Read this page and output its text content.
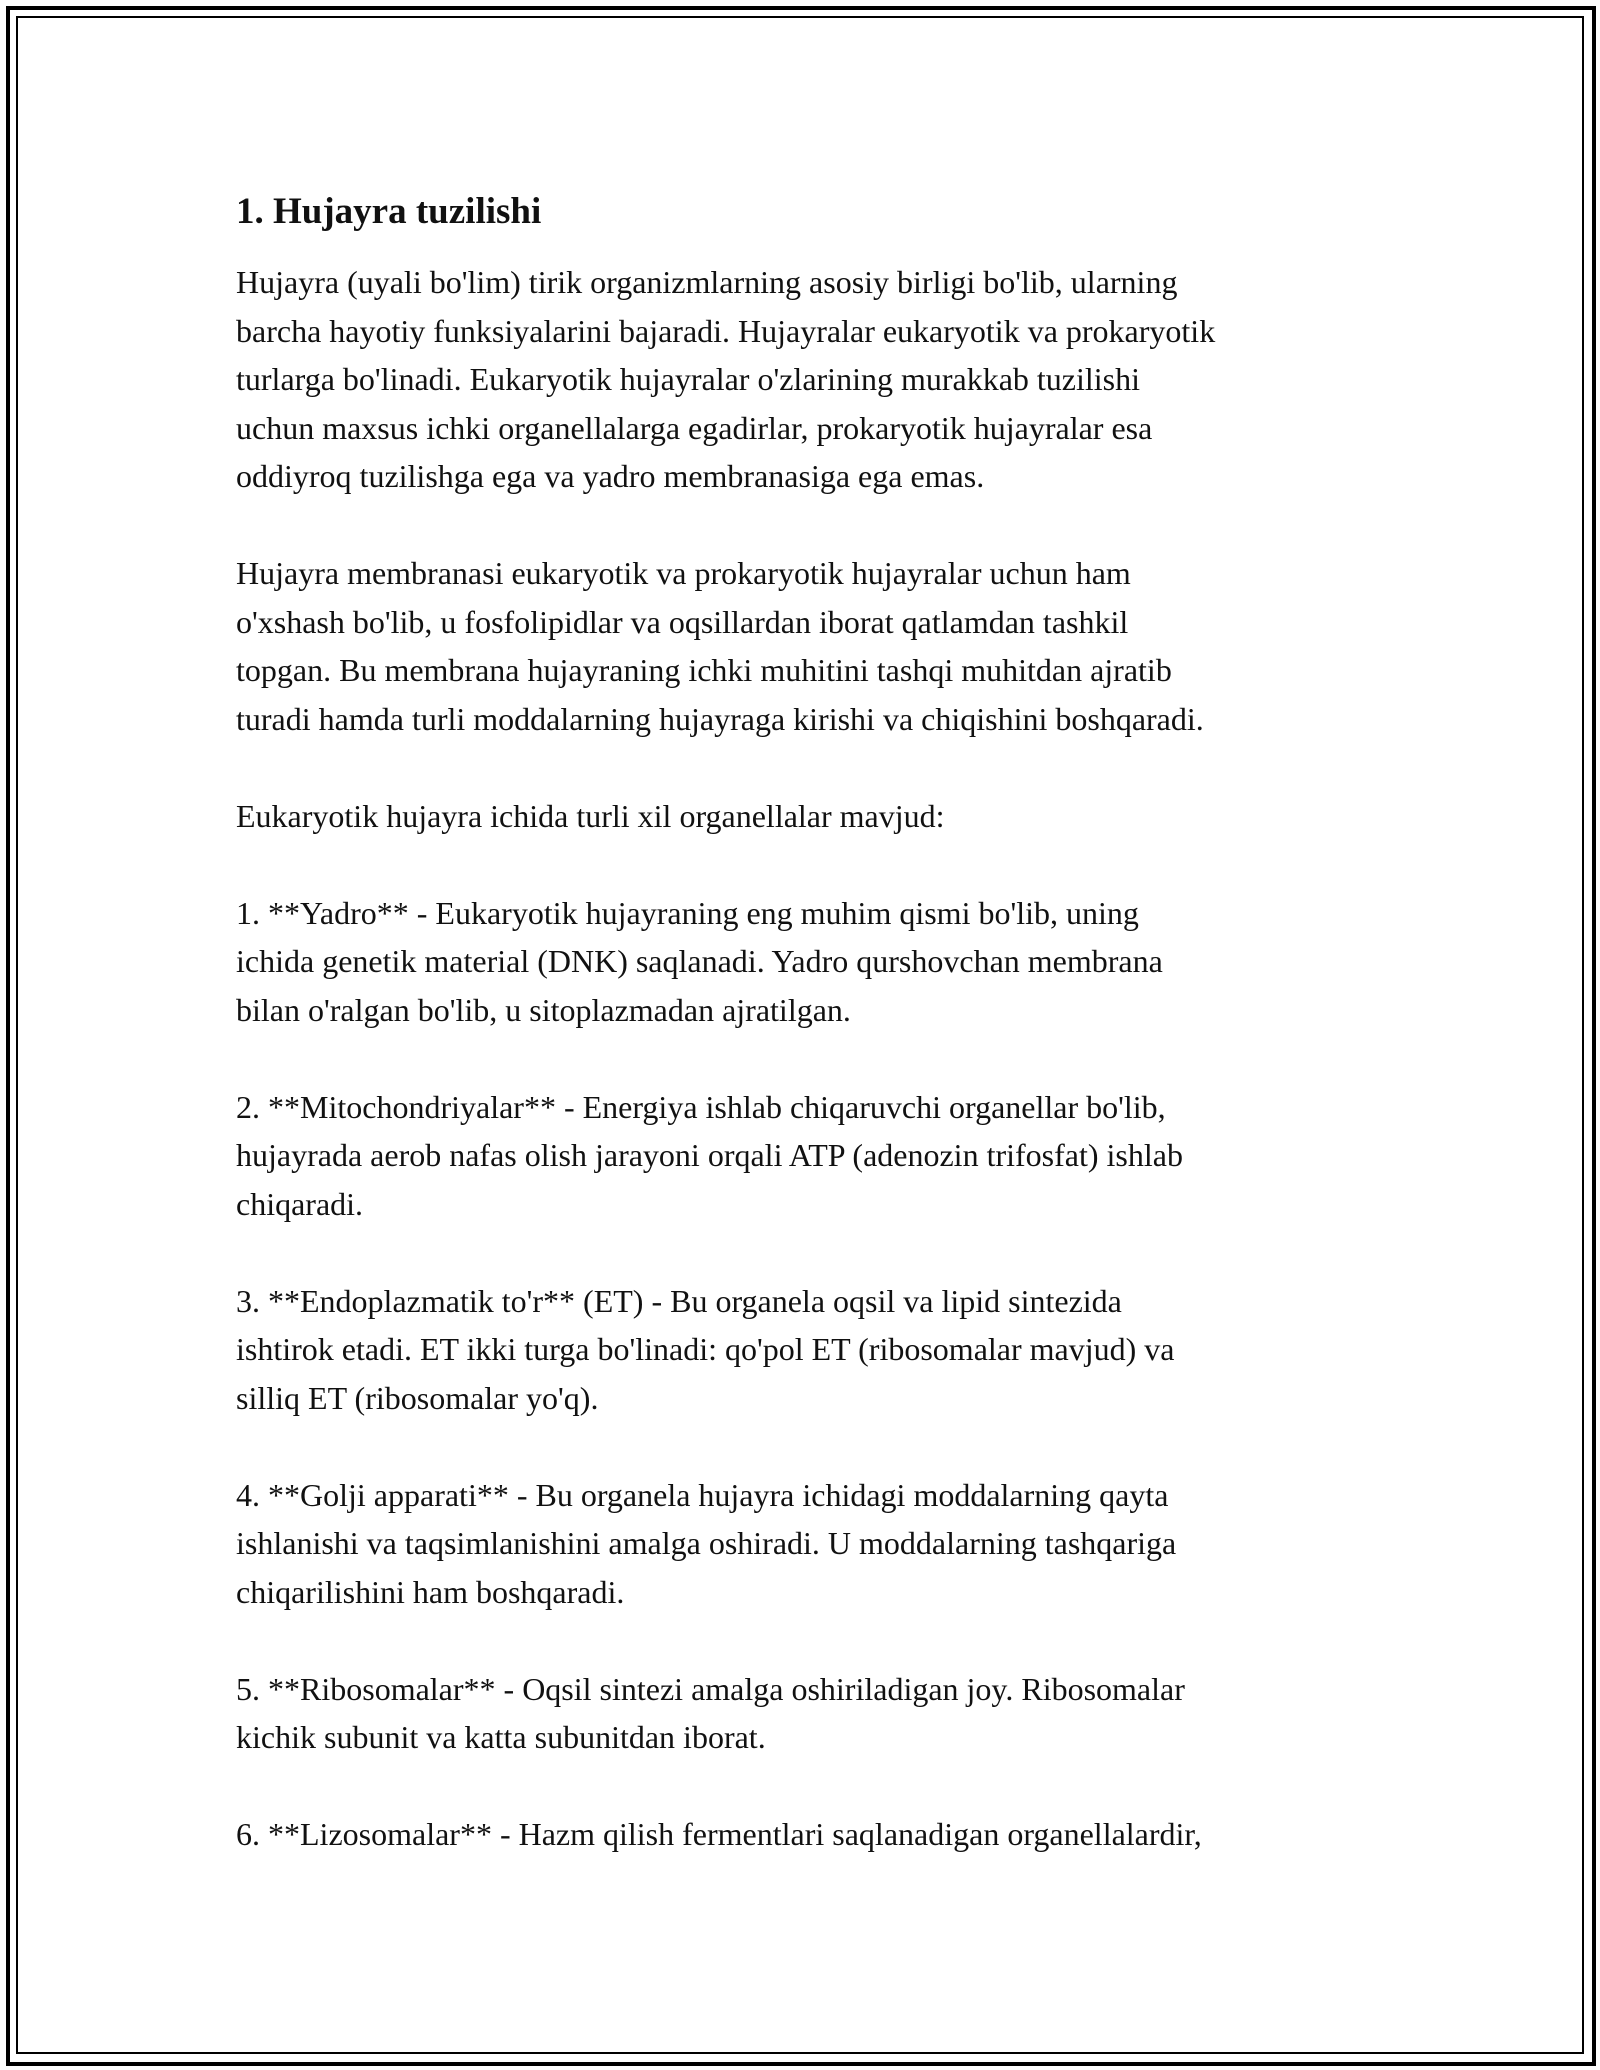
1. Hujayra tuzilishi
Hujayra (uyali bo'lim) tirik organizmlarning asosiy birligi bo'lib, ularning
barcha hayotiy funksiyalarini bajaradi. Hujayralar eukaryotik va prokaryotik
turlarga bo'linadi. Eukaryotik hujayralar o'zlarining murakkab tuzilishi
uchun maxsus ichki organellalarga egadirlar, prokaryotik hujayralar esa
oddiyroq tuzilishga ega va yadro membranasiga ega emas.
Hujayra membranasi eukaryotik va prokaryotik hujayralar uchun ham
o'xshash bo'lib, u fosfolipidlar va oqsillardan iborat qatlamdan tashkil
topgan. Bu membrana hujayraning ichki muhitini tashqi muhitdan ajratib
turadi hamda turli moddalarning hujayraga kirishi va chiqishini boshqaradi.
Eukaryotik hujayra ichida turli xil organellalar mavjud:
1. **Yadro** - Eukaryotik hujayraning eng muhim qismi bo'lib, uning
ichida genetik material (DNK) saqlanadi. Yadro qurshovchan membrana
bilan o'ralgan bo'lib, u sitoplazmadan ajratilgan.
2. **Mitochondriyalar** - Energiya ishlab chiqaruvchi organellar bo'lib,
hujayrada aerob nafas olish jarayoni orqali ATP (adenozin trifosfat) ishlab
chiqaradi.
3. **Endoplazmatik to'r** (ET) - Bu organela oqsil va lipid sintezida
ishtirok etadi. ET ikki turga bo'linadi: qo'pol ET (ribosomalar mavjud) va
silliq ET (ribosomalar yo'q).
4. **Golji apparati** - Bu organela hujayra ichidagi moddalarning qayta
ishlanishi va taqsimlanishini amalga oshiradi. U moddalarning tashqariga
chiqarilishini ham boshqaradi.
5. **Ribosomalar** - Oqsil sintezi amalga oshiriladigan joy. Ribosomalar
kichik subunit va katta subunitdan iborat.
6. **Lizosomalar** - Hazm qilish fermentlari saqlanadigan organellalardir,
